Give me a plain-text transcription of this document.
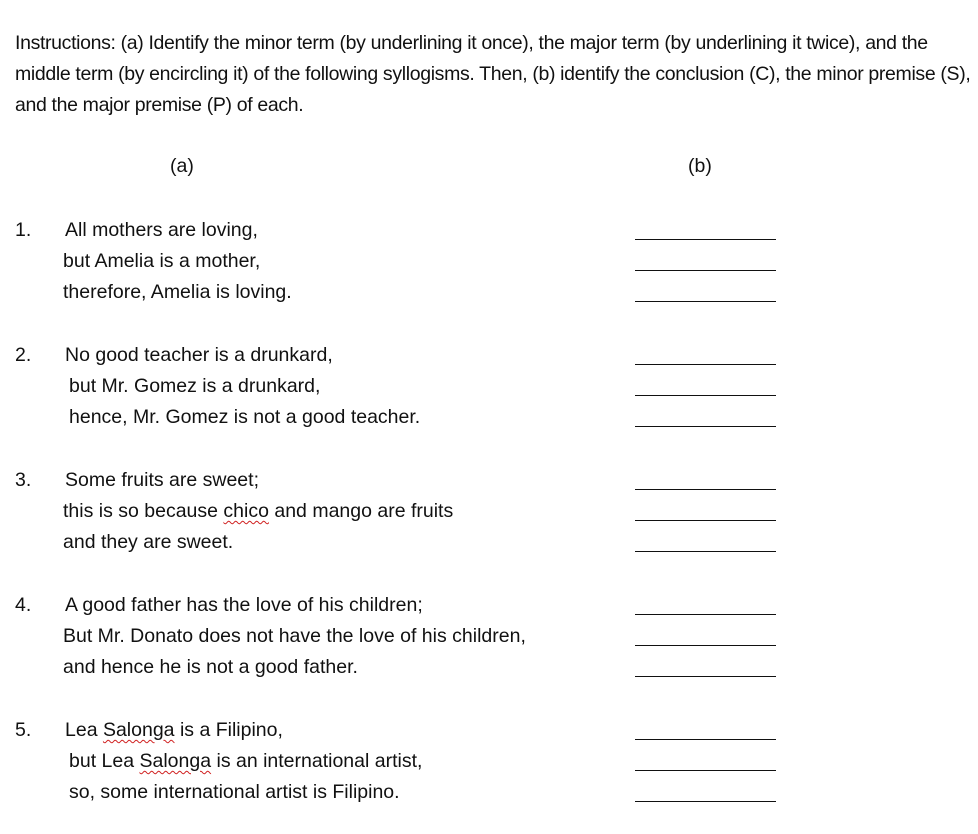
Instructions: (a) Identify the minor term (by underlining it once), the major term (by underlining it twice), and the middle term (by encircling it) of the following syllogisms. Then, (b) identify the conclusion (C), the minor premise (S), and the major premise (P) of each.
(a)	(b)
1. All mothers are loving,
but Amelia is a mother,
therefore, Amelia is loving.
2. No good teacher is a drunkard,
but Mr. Gomez is a drunkard,
hence, Mr. Gomez is not a good teacher.
3. Some fruits are sweet;
this is so because chico and mango are fruits
and they are sweet.
4. A good father has the love of his children;
But Mr. Donato does not have the love of his children,
and hence he is not a good father.
5. Lea Salonga is a Filipino,
but Lea Salonga is an international artist,
so, some international artist is Filipino.
